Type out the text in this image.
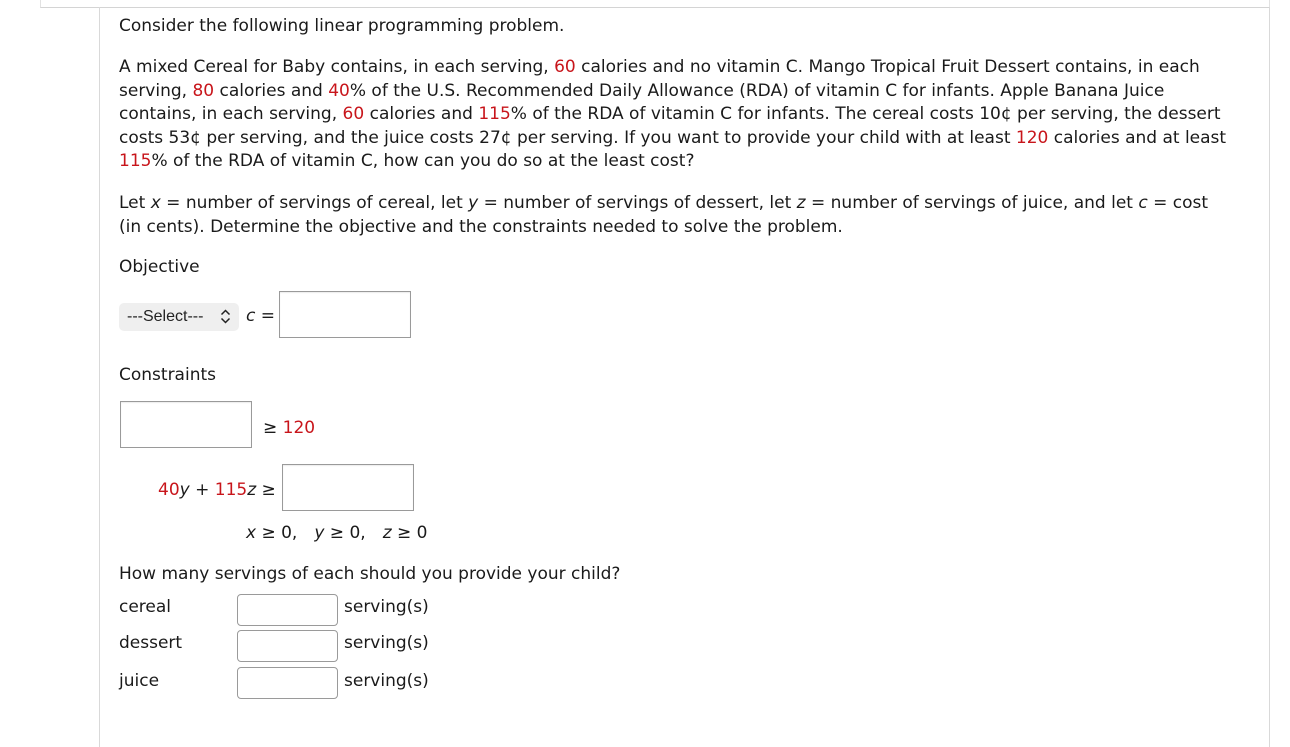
Consider the following linear programming problem.
A mixed Cereal for Baby contains, in each serving, 60 calories and no vitamin C. Mango Tropical Fruit Dessert contains, in each
serving, 80 calories and 40% of the U.S. Recommended Daily Allowance (RDA) of vitamin C for infants. Apple Banana Juice
contains, in each serving, 60 calories and 115% of the RDA of vitamin C for infants. The cereal costs 10¢ per serving, the dessert
costs 53¢ per serving, and the juice costs 27¢ per serving. If you want to provide your child with at least 120 calories and at least
115% of the RDA of vitamin C, how can you do so at the least cost?
Let x = number of servings of cereal, let y = number of servings of dessert, let z = number of servings of juice, and let c = cost
(in cents). Determine the objective and the constraints needed to solve the problem.
Objective
---Select---	c =
Constraints
≥ 120
40y + 115z ≥
x ≥ 0, y ≥ 0, z ≥ 0
How many servings of each should you provide your child?
cereal	serving(s)
dessert	serving(s)
juice	serving(s)
